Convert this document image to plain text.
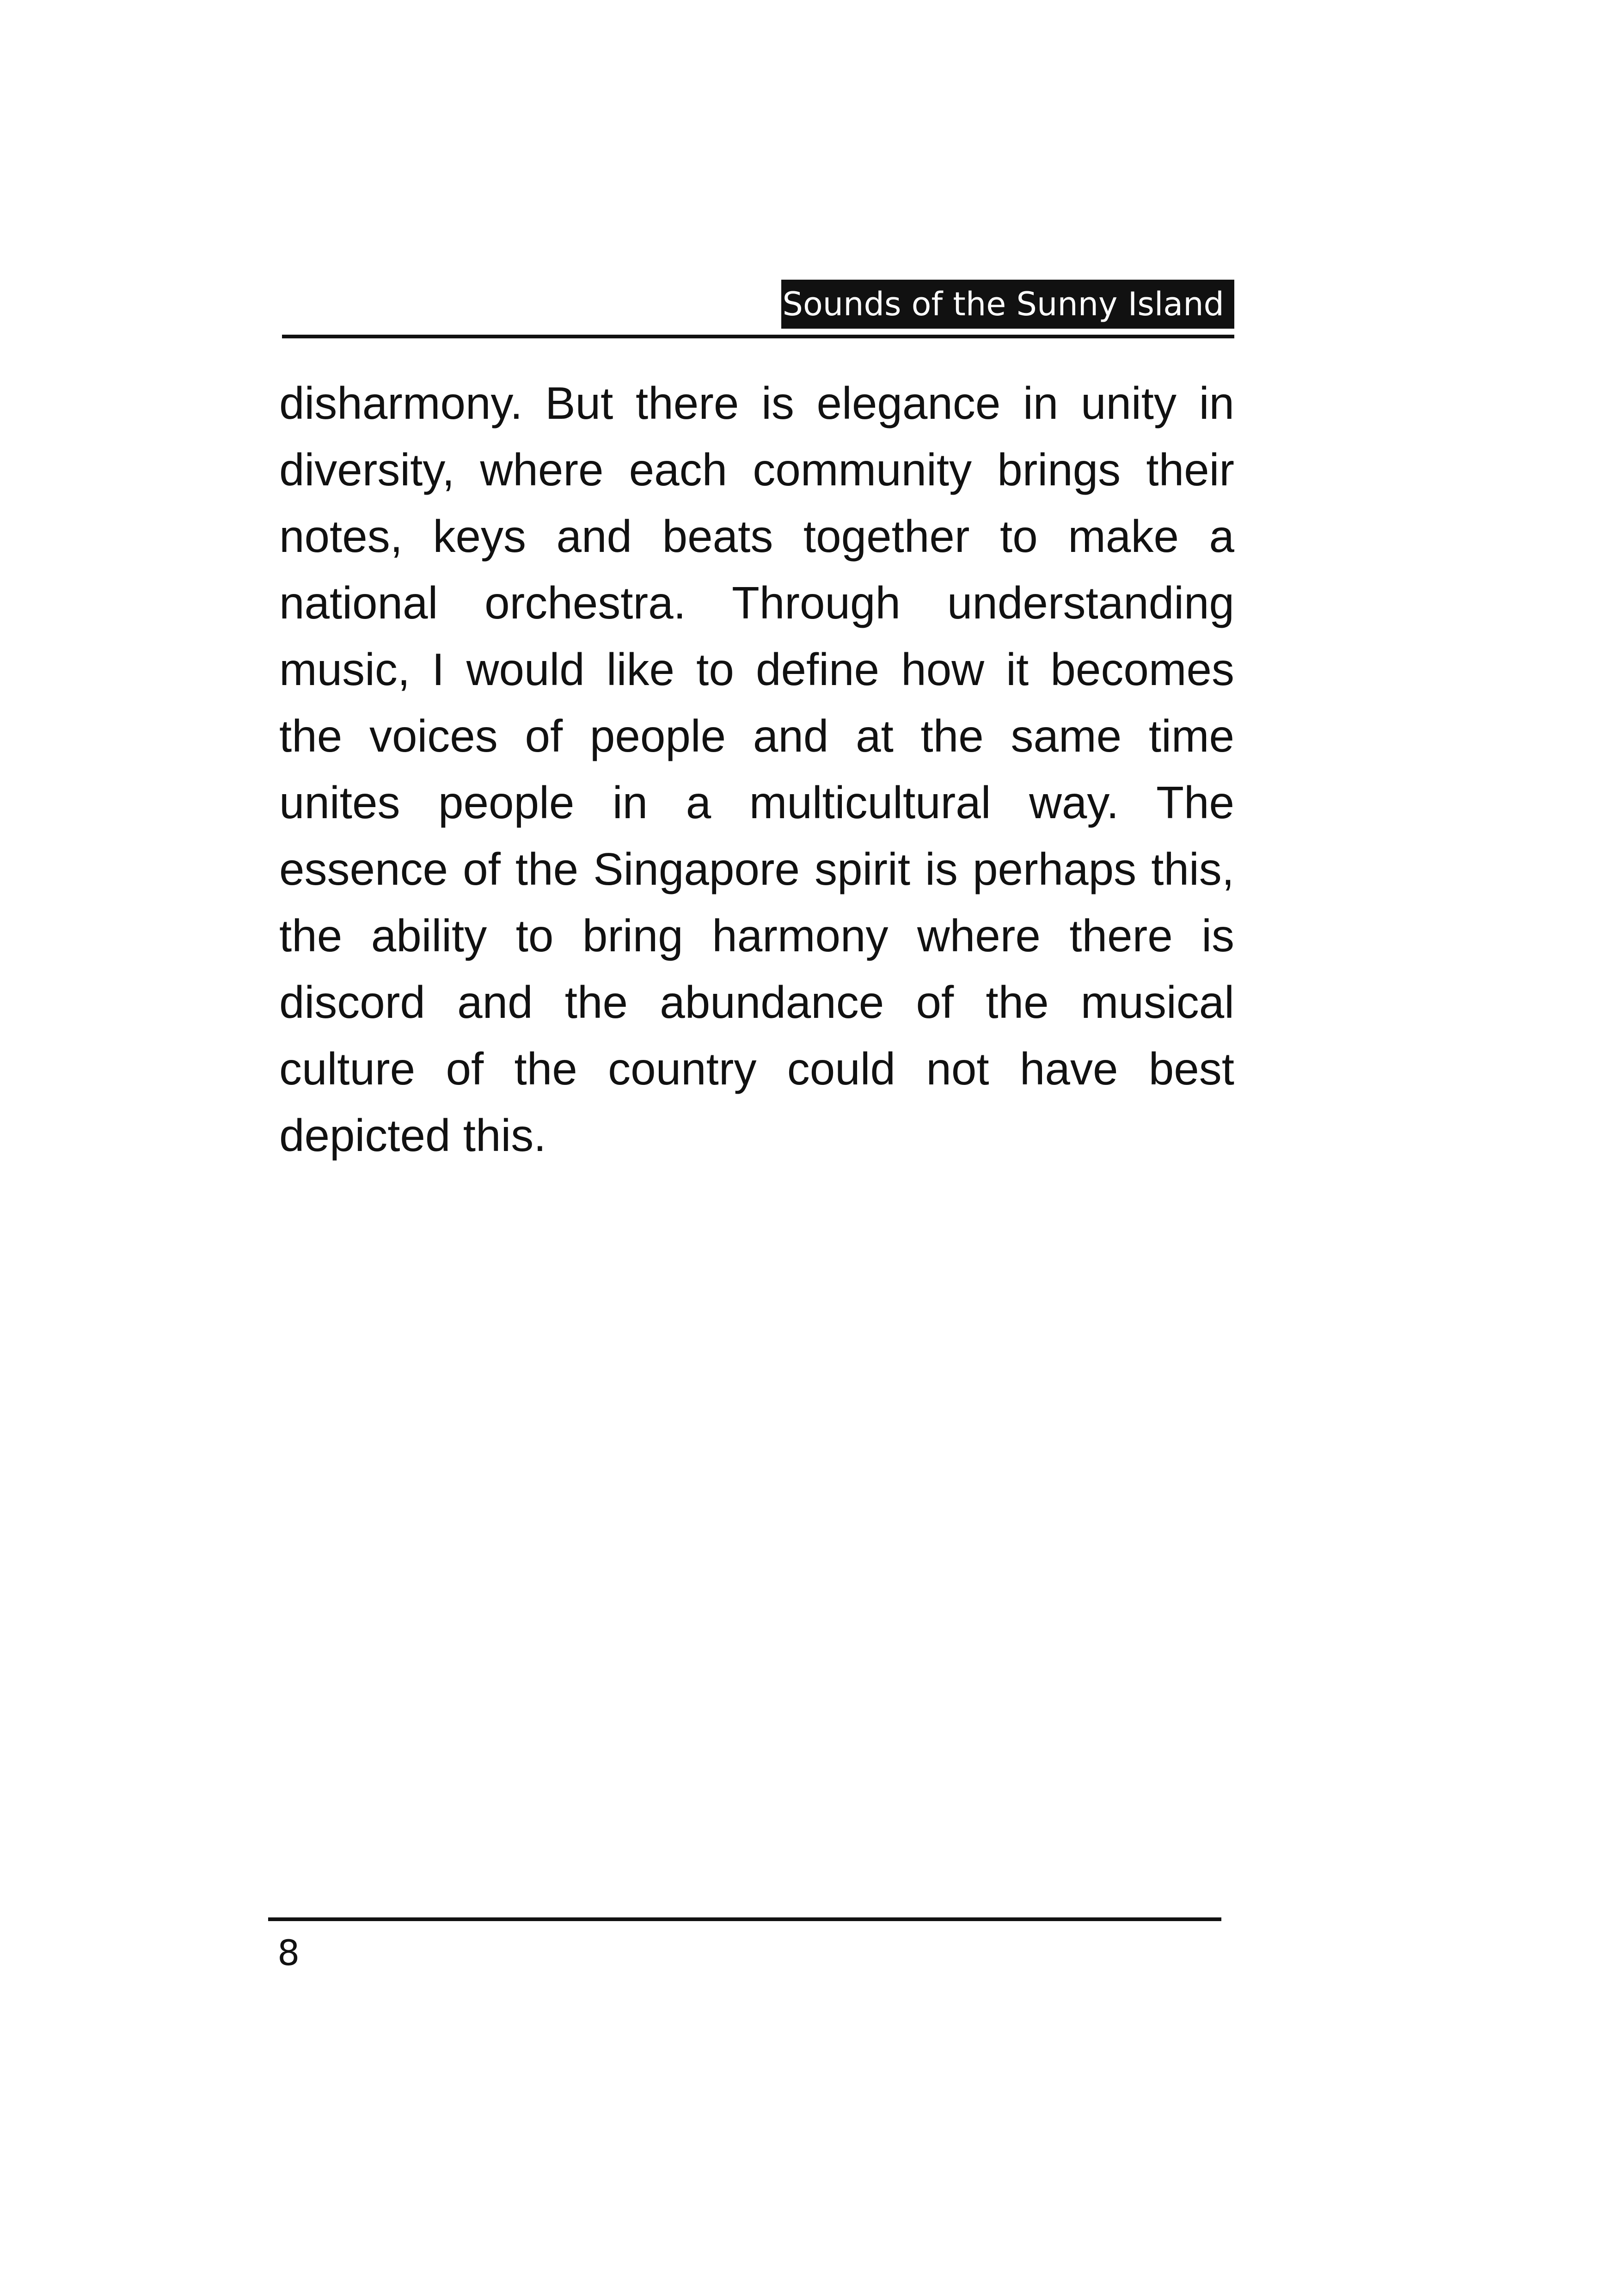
Sounds of the Sunny Island

disharmony. But there is elegance in unity in diversity, where each community brings their notes, keys and beats together to make a national orchestra. Through understanding music, I would like to define how it becomes the voices of people and at the same time unites people in a multicultural way. The essence of the Singapore spirit is perhaps this, the ability to bring harmony where there is discord and the abundance of the musical culture of the country could not have best depicted this.

8
